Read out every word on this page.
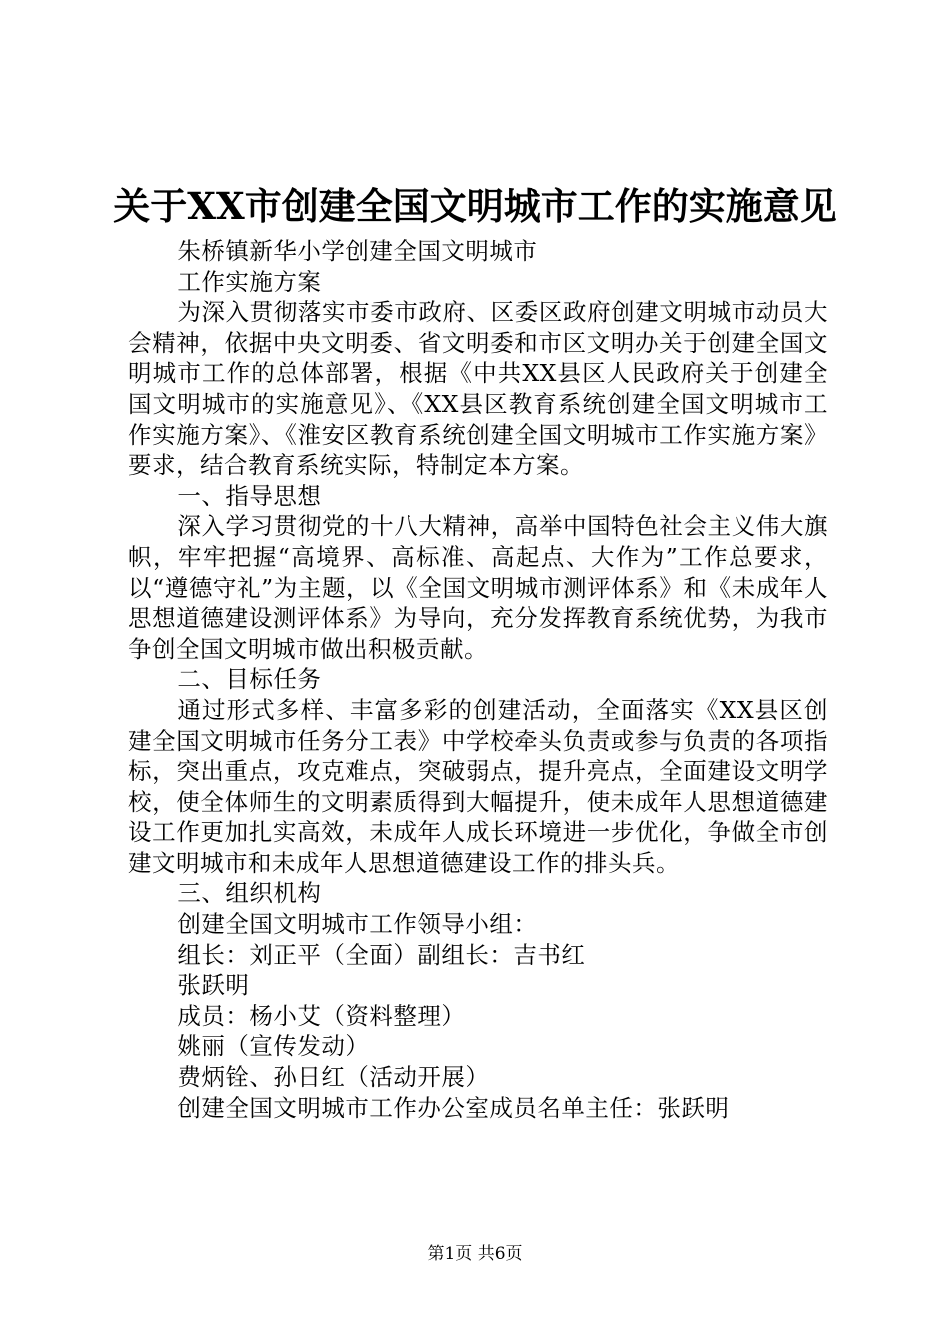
关于XX市创建全国文明城市工作的实施意见

朱桥镇新华小学创建全国文明城市

工作实施方案

为深入贯彻落实市委市政府、区委区政府创建文明城市动员大会精神，依据中央文明委、省文明委和市区文明办关于创建全国文明城市工作的总体部署，根据《中共XX县区人民政府关于创建全国文明城市的实施意见》、《XX县区教育系统创建全国文明城市工作实施方案》、《淮安区教育系统创建全国文明城市工作实施方案》要求，结合教育系统实际，特制定本方案。

一、指导思想

深入学习贯彻党的十八大精神，高举中国特色社会主义伟大旗帜，牢牢把握“高境界、高标准、高起点、大作为”工作总要求，以“遵德守礼”为主题，以《全国文明城市测评体系》和《未成年人思想道德建设测评体系》为导向，充分发挥教育系统优势，为我市争创全国文明城市做出积极贡献。

二、目标任务

通过形式多样、丰富多彩的创建活动，全面落实《XX县区创建全国文明城市任务分工表》中学校牵头负责或参与负责的各项指标，突出重点，攻克难点，突破弱点，提升亮点，全面建设文明学校，使全体师生的文明素质得到大幅提升，使未成年人思想道德建设工作更加扎实高效，未成年人成长环境进一步优化，争做全市创建文明城市和未成年人思想道德建设工作的排头兵。

三、组织机构

创建全国文明城市工作领导小组：

组长：刘正平（全面）副组长：吉书红

张跃明

成员：杨小艾（资料整理）

姚丽（宣传发动）

费炳铨、孙日红（活动开展）

创建全国文明城市工作办公室成员名单主任：张跃明

第1页 共6页
